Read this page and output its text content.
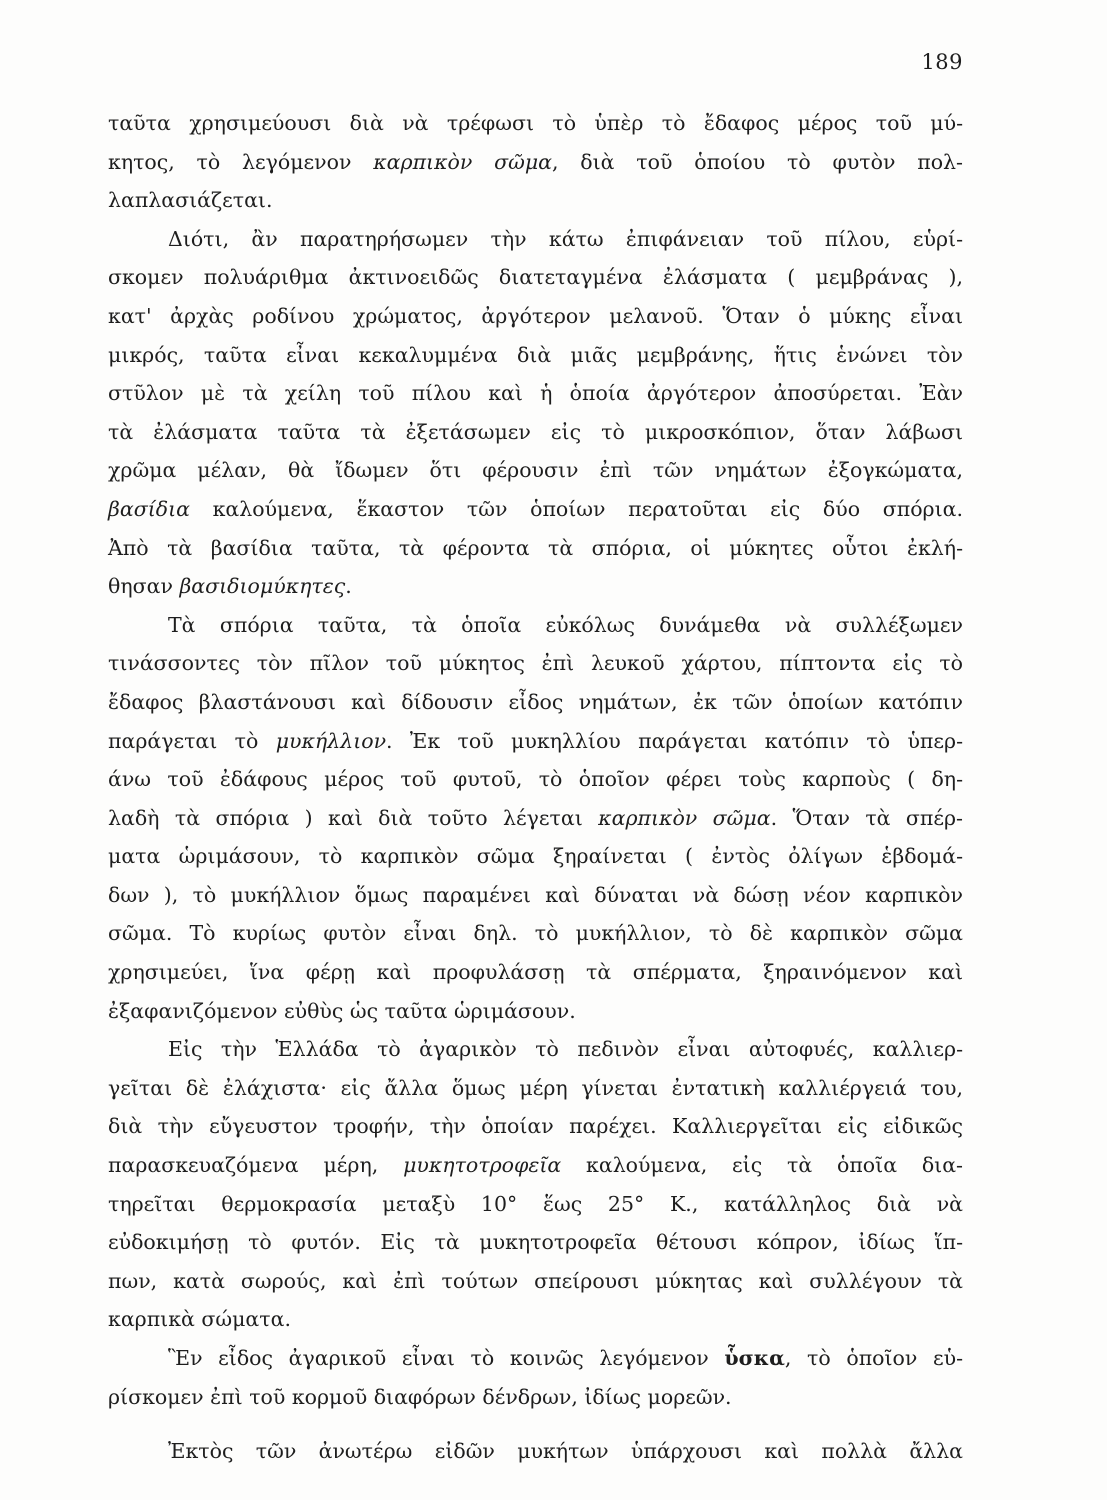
189
ταῦτα χρησιμεύουσι διὰ νὰ τρέφωσι τὸ ὑπὲρ τὸ ἔδαφος μέρος τοῦ μύ-
κητος, τὸ λεγόμενον καρπικὸν σῶμα, διὰ τοῦ ὁποίου τὸ φυτὸν πολ-
λαπλασιάζεται.
Διότι, ἂν παρατηρήσωμεν τὴν κάτω ἐπιφάνειαν τοῦ πίλου, εὑρί-
σκομεν πολυάριθμα ἀκτινοειδῶς διατεταγμένα ἐλάσματα ( μεμβράνας ),
κατ' ἀρχὰς ροδίνου χρώματος, ἀργότερον μελανοῦ. Ὅταν ὁ μύκης εἶναι
μικρός, ταῦτα εἶναι κεκαλυμμένα διὰ μιᾶς μεμβράνης, ἥτις ἑνώνει τὸν
στῦλον μὲ τὰ χείλη τοῦ πίλου καὶ ἡ ὁποία ἀργότερον ἀποσύρεται. Ἐὰν
τὰ ἐλάσματα ταῦτα τὰ ἐξετάσωμεν εἰς τὸ μικροσκόπιον, ὅταν λάβωσι
χρῶμα μέλαν, θὰ ἴδωμεν ὅτι φέρουσιν ἐπὶ τῶν νημάτων ἐξογκώματα,
βασίδια καλούμενα, ἕκαστον τῶν ὁποίων περατοῦται εἰς δύο σπόρια.
Ἀπὸ τὰ βασίδια ταῦτα, τὰ φέροντα τὰ σπόρια, οἱ μύκητες οὗτοι ἐκλή-
θησαν βασιδιομύκητες.
Τὰ σπόρια ταῦτα, τὰ ὁποῖα εὐκόλως δυνάμεθα νὰ συλλέξωμεν
τινάσσοντες τὸν πῖλον τοῦ μύκητος ἐπὶ λευκοῦ χάρτου, πίπτοντα εἰς τὸ
ἔδαφος βλαστάνουσι καὶ δίδουσιν εἶδος νημάτων, ἐκ τῶν ὁποίων κατόπιν
παράγεται τὸ μυκήλλιον. Ἐκ τοῦ μυκηλλίου παράγεται κατόπιν τὸ ὑπερ-
άνω τοῦ ἐδάφους μέρος τοῦ φυτοῦ, τὸ ὁποῖον φέρει τοὺς καρποὺς ( δη-
λαδὴ τὰ σπόρια ) καὶ διὰ τοῦτο λέγεται καρπικὸν σῶμα. Ὅταν τὰ σπέρ-
ματα ὡριμάσουν, τὸ καρπικὸν σῶμα ξηραίνεται ( ἐντὸς ὀλίγων ἑβδομά-
δων ), τὸ μυκήλλιον ὅμως παραμένει καὶ δύναται νὰ δώσῃ νέον καρπικὸν
σῶμα. Τὸ κυρίως φυτὸν εἶναι δηλ. τὸ μυκήλλιον, τὸ δὲ καρπικὸν σῶμα
χρησιμεύει, ἵνα φέρῃ καὶ προφυλάσσῃ τὰ σπέρματα, ξηραινόμενον καὶ
ἐξαφανιζόμενον εὐθὺς ὡς ταῦτα ὡριμάσουν.
Εἰς τὴν Ἑλλάδα τὸ ἀγαρικὸν τὸ πεδινὸν εἶναι αὐτοφυές, καλλιερ-
γεῖται δὲ ἐλάχιστα· εἰς ἄλλα ὅμως μέρη γίνεται ἐντατικὴ καλλιέργειά του,
διὰ τὴν εὔγευστον τροφήν, τὴν ὁποίαν παρέχει. Καλλιεργεῖται εἰς εἰδικῶς
παρασκευαζόμενα μέρη, μυκητοτροφεῖα καλούμενα, εἰς τὰ ὁποῖα δια-
τηρεῖται θερμοκρασία μεταξὺ 10° ἕως 25° Κ., κατάλληλος διὰ νὰ
εὐδοκιμήσῃ τὸ φυτόν. Εἰς τὰ μυκητοτροφεῖα θέτουσι κόπρον, ἰδίως ἵπ-
πων, κατὰ σωρούς, καὶ ἐπὶ τούτων σπείρουσι μύκητας καὶ συλλέγουν τὰ
καρπικὰ σώματα.
Ἓν εἶδος ἀγαρικοῦ εἶναι τὸ κοινῶς λεγόμενον ὗσκα, τὸ ὁποῖον εὑ-
ρίσκομεν ἐπὶ τοῦ κορμοῦ διαφόρων δένδρων, ἰδίως μορεῶν.
Ἐκτὸς τῶν ἀνωτέρω εἰδῶν μυκήτων ὑπάρχουσι καὶ πολλὰ ἄλλα
